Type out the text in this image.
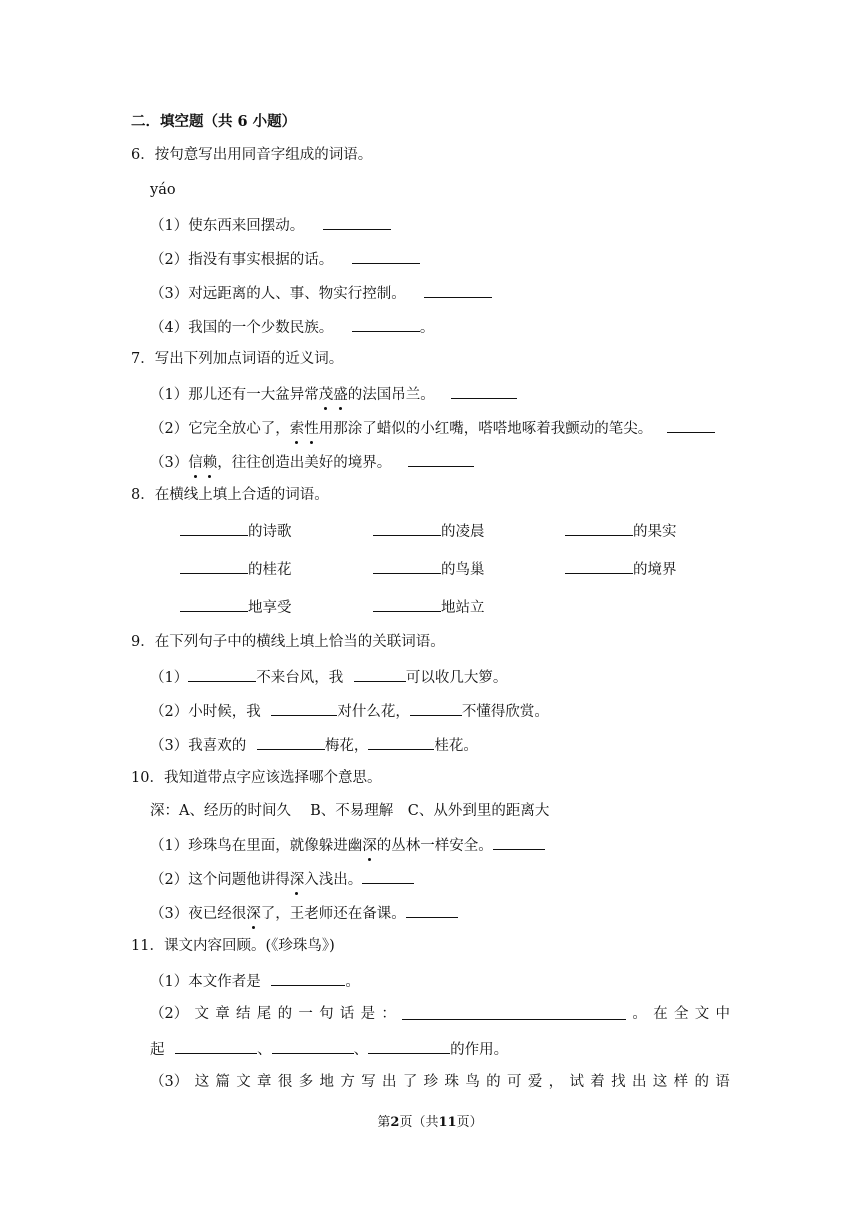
二．填空题（共 6 小题）
6．按句意写出用同音字组成的词语。
yáo
（1）使东西来回摆动。
（2）指没有事实根据的话。
（3）对远距离的人、事、物实行控制。
（4）我国的一个少数民族。	。
7．写出下列加点词语的近义词。
（1）那儿还有一大盆异常茂盛的法国吊兰。
（2）它完全放心了，索性用那涂了蜡似的小红嘴，嗒嗒地啄着我颤动的笔尖。
（3）信赖，往往创造出美好的境界。
8．在横线上填上合适的词语。
的诗歌	的凌晨	的果实
的桂花	的鸟巢	的境界
地享受	地站立
9．在下列句子中的横线上填上恰当的关联词语。
（1）	不来台风，我	可以收几大箩。
（2）小时候，我	对什么花，	不懂得欣赏。
（3）我喜欢的	梅花，	桂花。
10．我知道带点字应该选择哪个意思。
深：A、经历的时间久　 B、不易理解　C、从外到里的距离大
（1）珍珠鸟在里面，就像躲进幽深的丛林一样安全。
（2）这个问题他讲得深入浅出。
（3）夜已经很深了，王老师还在备课。
11．课文内容回顾。(《珍珠鸟》)
（1）本文作者是	。
（2） 文 章 结 尾 的 一 句 话 是 ：	。 在 全 文 中
起	、	、	的作用。
（3） 这 篇 文 章 很 多 地 方 写 出 了 珍 珠 鸟 的 可 爱 ， 试 着 找 出 这 样 的 语
第2页（共11页）
